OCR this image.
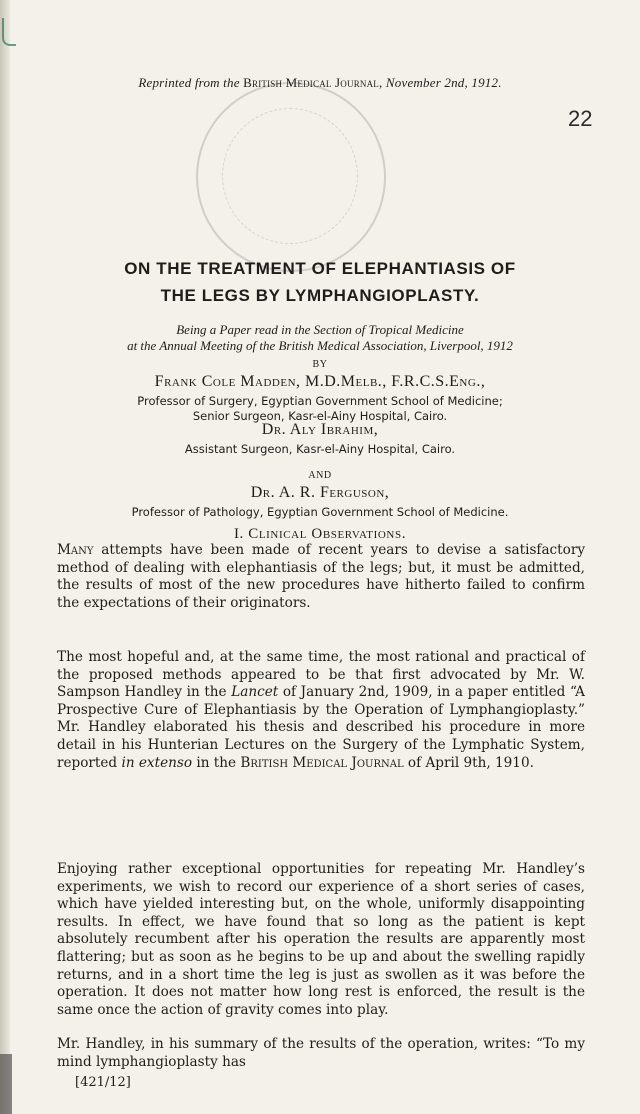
Reprinted from the British Medical Journal, November 2nd, 1912.
22
ON THE TREATMENT OF ELEPHANTIASIS OF
THE LEGS BY LYMPHANGIOPLASTY.
Being a Paper read in the Section of Tropical Medicine
at the Annual Meeting of the British Medical Association, Liverpool, 1912
BY
Frank Cole Madden, M.D.Melb., F.R.C.S.Eng.,
Professor of Surgery, Egyptian Government School of Medicine;
Senior Surgeon, Kasr-el-Ainy Hospital, Cairo.
Dr. Aly Ibrahim,
Assistant Surgeon, Kasr-el-Ainy Hospital, Cairo.
AND
Dr. A. R. Ferguson,
Professor of Pathology, Egyptian Government School of Medicine.
I. Clinical Observations.

Many attempts have been made of recent years to devise a satisfactory method of dealing with elephantiasis of the legs; but, it must be admitted, the results of most of the new procedures have hitherto failed to confirm the expectations of their originators.

The most hopeful and, at the same time, the most rational and practical of the proposed methods appeared to be that first advocated by Mr. W. Sampson Handley in the Lancet of January 2nd, 1909, in a paper entitled “A Prospective Cure of Elephantiasis by the Operation of Lymphangioplasty.” Mr. Handley elaborated his thesis and described his procedure in more detail in his Hunterian Lectures on the Surgery of the Lymphatic System, reported in extenso in the British Medical Journal of April 9th, 1910.

Enjoying rather exceptional opportunities for repeating Mr. Handley’s experiments, we wish to record our experience of a short series of cases, which have yielded interesting but, on the whole, uniformly disappointing results. In effect, we have found that so long as the patient is kept absolutely recumbent after his operation the results are apparently most flattering; but as soon as he begins to be up and about the swelling rapidly returns, and in a short time the leg is just as swollen as it was before the operation. It does not matter how long rest is enforced, the result is the same once the action of gravity comes into play.

Mr. Handley, in his summary of the results of the operation, writes: “To my mind lymphangioplasty has

[421/12]
